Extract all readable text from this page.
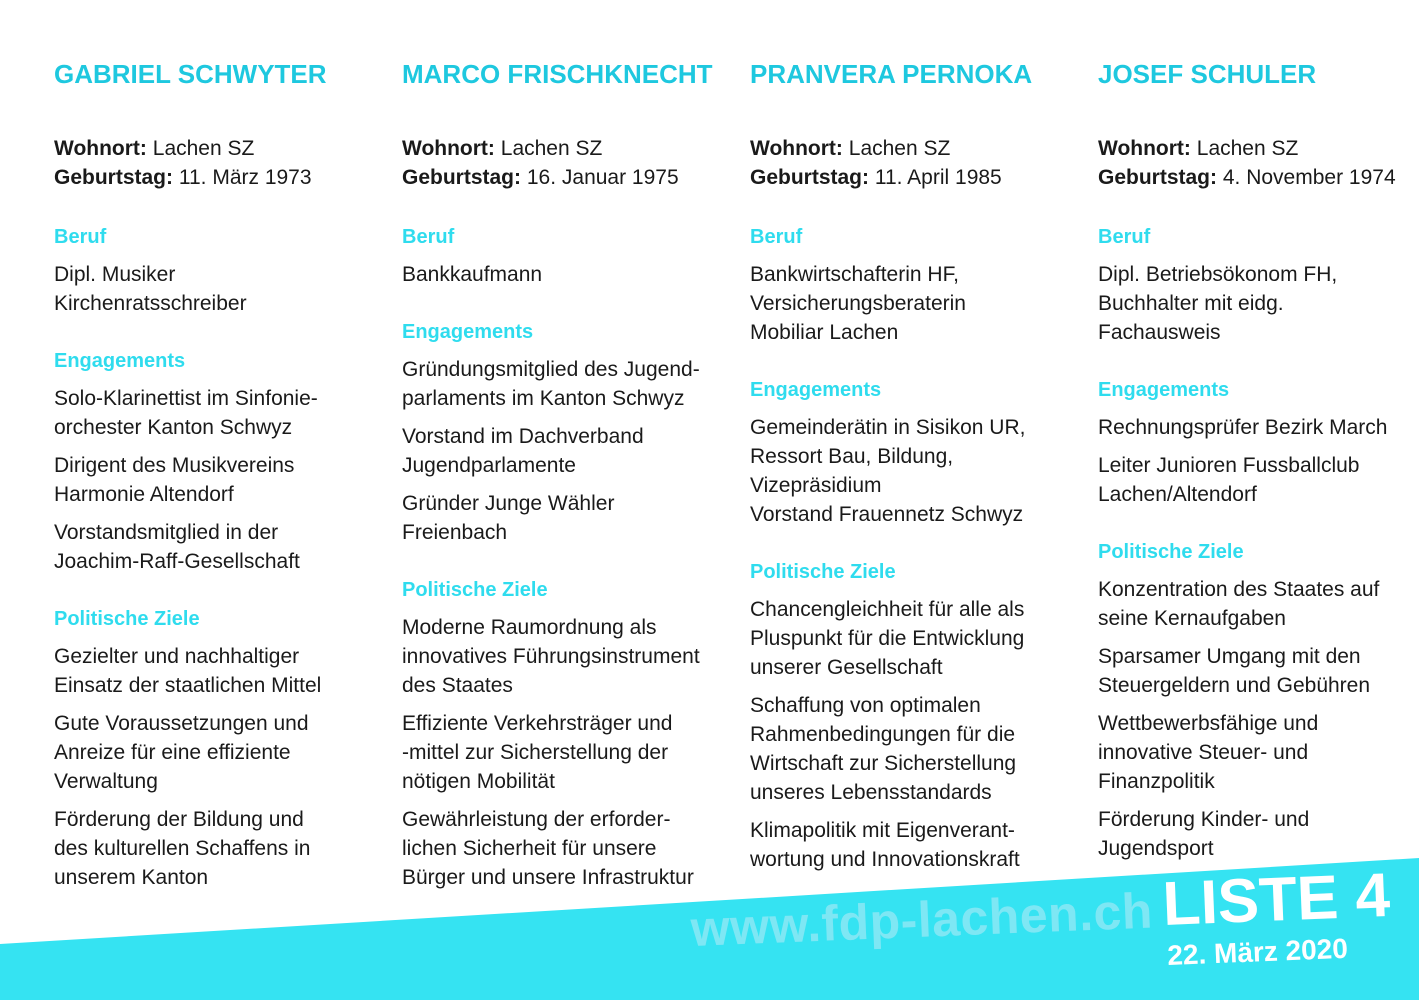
GABRIEL SCHWYTER
Wohnort: Lachen SZ
Geburtstag: 11. März 1973
Beruf
Dipl. Musiker
Kirchenratsschreiber
Engagements
Solo-Klarinettist im Sinfonie-
orchester Kanton Schwyz
Dirigent des Musikvereins
Harmonie Altendorf
Vorstandsmitglied in der
Joachim-Raff-Gesellschaft
Politische Ziele
Gezielter und nachhaltiger
Einsatz der staatlichen Mittel
Gute Voraussetzungen und
Anreize für eine effiziente
Verwaltung
Förderung der Bildung und
des kulturellen Schaffens in
unserem Kanton
MARCO FRISCHKNECHT
Wohnort: Lachen SZ
Geburtstag: 16. Januar 1975
Beruf
Bankkaufmann
Engagements
Gründungsmitglied des Jugend-
parlaments im Kanton Schwyz
Vorstand im Dachverband
Jugendparlamente
Gründer Junge Wähler
Freienbach
Politische Ziele
Moderne Raumordnung als
innovatives Führungsinstrument
des Staates
Effiziente Verkehrsträger und
-mittel zur Sicherstellung der
nötigen Mobilität
Gewährleistung der erforder-
lichen Sicherheit für unsere
Bürger und unsere Infrastruktur
PRANVERA PERNOKA
Wohnort: Lachen SZ
Geburtstag: 11. April 1985
Beruf
Bankwirtschafterin HF,
Versicherungsberaterin
Mobiliar Lachen
Engagements
Gemeinderätin in Sisikon UR,
Ressort Bau, Bildung,
Vizepräsidium
Vorstand Frauennetz Schwyz
Politische Ziele
Chancengleichheit für alle als
Pluspunkt für die Entwicklung
unserer Gesellschaft
Schaffung von optimalen
Rahmenbedingungen für die
Wirtschaft zur Sicherstellung
unseres Lebensstandards
Klimapolitik mit Eigenverant-
wortung und Innovationskraft
JOSEF SCHULER
Wohnort: Lachen SZ
Geburtstag: 4. November 1974
Beruf
Dipl. Betriebsökonom FH,
Buchhalter mit eidg.
Fachausweis
Engagements
Rechnungsprüfer Bezirk March
Leiter Junioren Fussballclub
Lachen/Altendorf
Politische Ziele
Konzentration des Staates auf
seine Kernaufgaben
Sparsamer Umgang mit den
Steuergeldern und Gebühren
Wettbewerbsfähige und
innovative Steuer- und
Finanzpolitik
Förderung Kinder- und
Jugendsport
www.fdp-lachen.ch LISTE 4
22. März 2020
